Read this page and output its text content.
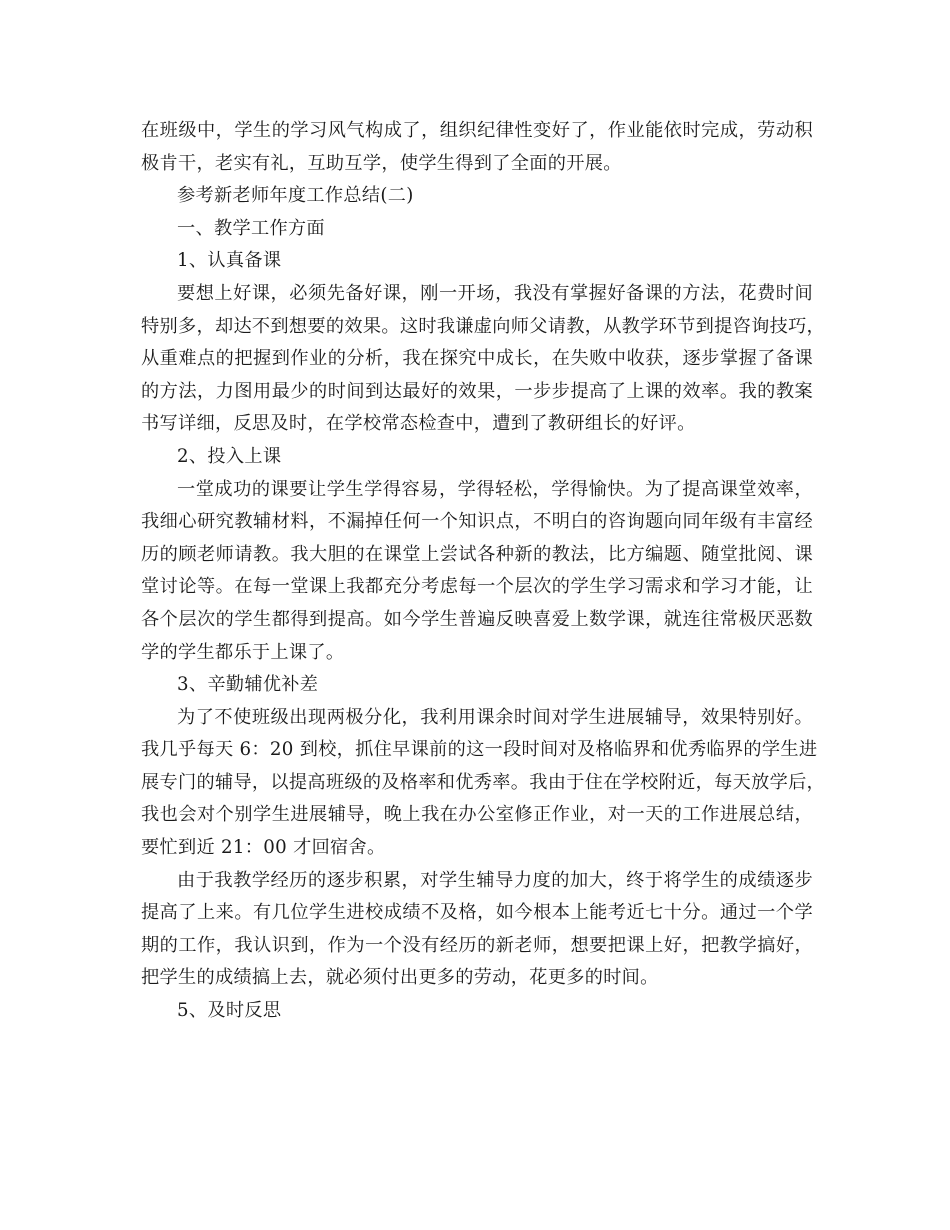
在班级中，学生的学习风气构成了，组织纪律性变好了，作业能依时完成，劳动积
极肯干，老实有礼，互助互学，使学生得到了全面的开展。
参考新老师年度工作总结(二)
一、教学工作方面
1、认真备课
要想上好课，必须先备好课，刚一开场，我没有掌握好备课的方法，花费时间
特别多，却达不到想要的效果。这时我谦虚向师父请教，从教学环节到提咨询技巧，
从重难点的把握到作业的分析，我在探究中成长，在失败中收获，逐步掌握了备课
的方法，力图用最少的时间到达最好的效果，一步步提高了上课的效率。我的教案
书写详细，反思及时，在学校常态检查中，遭到了教研组长的好评。
2、投入上课
一堂成功的课要让学生学得容易，学得轻松，学得愉快。为了提高课堂效率，
我细心研究教辅材料，不漏掉任何一个知识点，不明白的咨询题向同年级有丰富经
历的顾老师请教。我大胆的在课堂上尝试各种新的教法，比方编题、随堂批阅、课
堂讨论等。在每一堂课上我都充分考虑每一个层次的学生学习需求和学习才能，让
各个层次的学生都得到提高。如今学生普遍反映喜爱上数学课，就连往常极厌恶数
学的学生都乐于上课了。
3、辛勤辅优补差
为了不使班级出现两极分化，我利用课余时间对学生进展辅导，效果特别好。
我几乎每天 6：20 到校，抓住早课前的这一段时间对及格临界和优秀临界的学生进
展专门的辅导，以提高班级的及格率和优秀率。我由于住在学校附近，每天放学后，
我也会对个别学生进展辅导，晚上我在办公室修正作业，对一天的工作进展总结，
要忙到近 21：00 才回宿舍。
由于我教学经历的逐步积累，对学生辅导力度的加大，终于将学生的成绩逐步
提高了上来。有几位学生进校成绩不及格，如今根本上能考近七十分。通过一个学
期的工作，我认识到，作为一个没有经历的新老师，想要把课上好，把教学搞好，
把学生的成绩搞上去，就必须付出更多的劳动，花更多的时间。
5、及时反思
